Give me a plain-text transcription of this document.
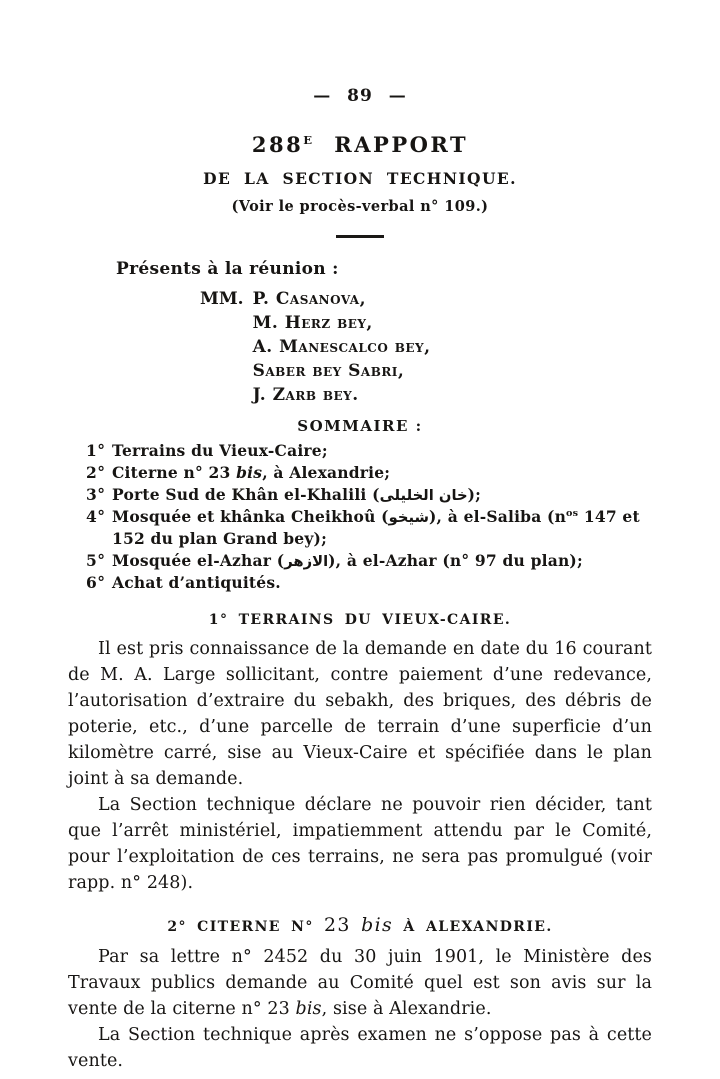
— 89 —
$288^E$ RAPPORT
DE LA SECTION TECHNIQUE.
(Voir le procès-verbal n° 109.)
Présents à la réunion :
MM. P. Casanova,
M. Herz bey,
A. Manescalco bey,
Saber bey Sabri,
J. Zarb bey.
SOMMAIRE :
1° Terrains du Vieux-Caire;
2° Citerne n° 23 bis, à Alexandrie;
3° Porte Sud de Khân el-Khalili (خان الخليلى);
4° Mosquée et khânka Cheikhoû (شيخو), à el-Saliba ($n^{os}$ 147 et 152 du plan Grand bey);
5° Mosquée el-Azhar (الازهر), à el-Azhar (n° 97 du plan);
6° Achat d’antiquités.
1° TERRAINS DU VIEUX-CAIRE.

Il est pris connaissance de la demande en date du 16 courant de M. A. Large sollicitant, contre paiement d’une redevance, l’autorisation d’extraire du sebakh, des briques, des débris de poterie, etc., d’une parcelle de terrain d’une superficie d’un kilomètre carré, sise au Vieux-Caire et spécifiée dans le plan joint à sa demande.

La Section technique déclare ne pouvoir rien décider, tant que l’arrêt ministériel, impatiemment attendu par le Comité, pour l’exploitation de ces terrains, ne sera pas promulgué (voir rapp. n° 248).

2° CITERNE N° 23 bis À ALEXANDRIE.

Par sa lettre n° 2452 du 30 juin 1901, le Ministère des Travaux publics demande au Comité quel est son avis sur la vente de la citerne n° 23 bis, sise à Alexandrie.

La Section technique après examen ne s’oppose pas à cette vente.
